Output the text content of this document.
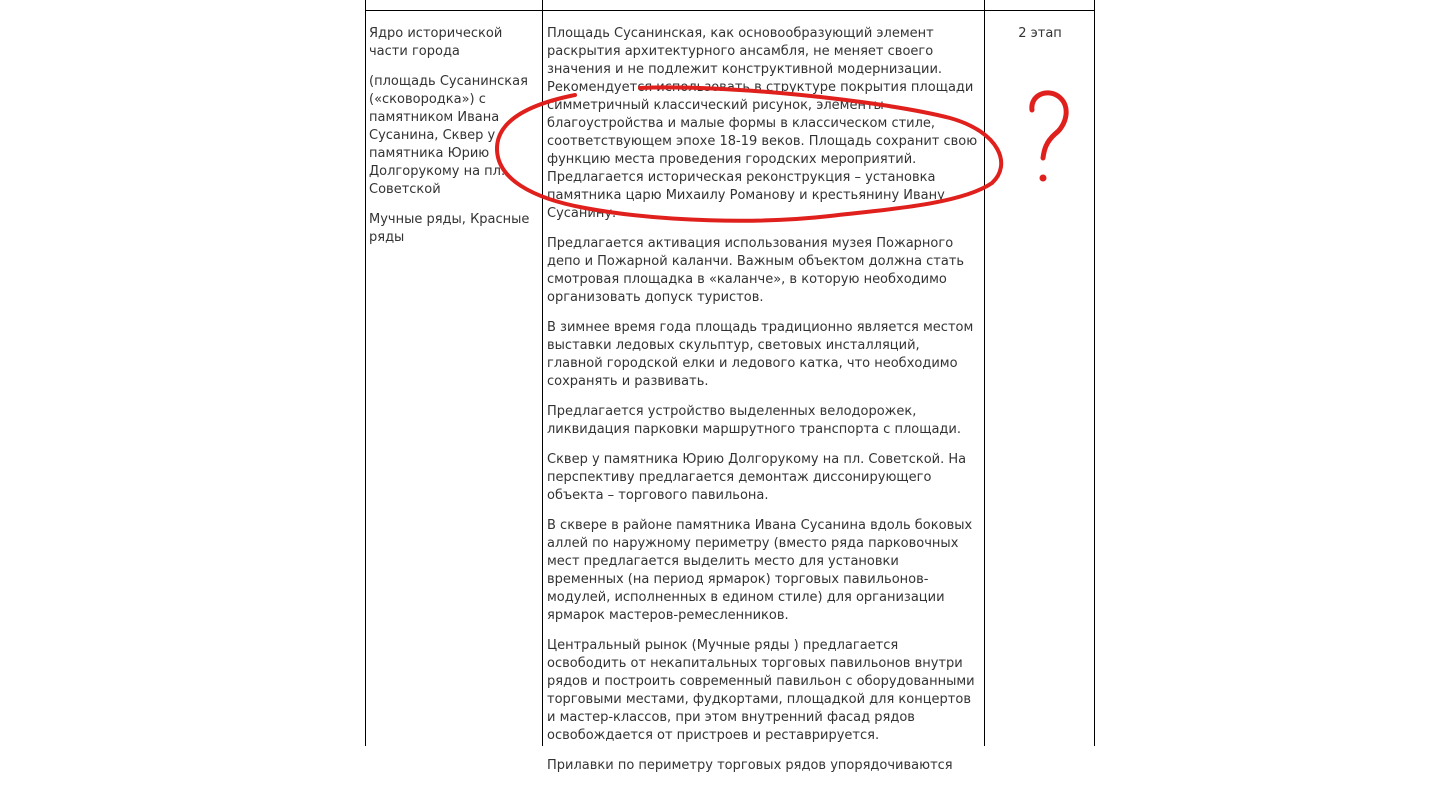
Ядро исторической части города

(площадь Сусанинская («сковородка») с памятником Ивана Сусанина, Сквер у памятника Юрию Долгорукому на пл. Советской

Мучные ряды, Красные ряды

Площадь Сусанинская, как основообразующий элемент раскрытия архитектурного ансамбля, не меняет своего значения и не подлежит конструктивной модернизации. Рекомендуется использовать в структуре покрытия площади симметричный классический рисунок, элементы благоустройства и малые формы в классическом стиле, соответствующем эпохе 18-19 веков. Площадь сохранит свою функцию места проведения городских мероприятий. Предлагается историческая реконструкция – установка памятника царю Михаилу Романову и крестьянину Ивану Сусанину.

Предлагается активация использования музея Пожарного депо и Пожарной каланчи. Важным объектом должна стать смотровая площадка в «каланче», в которую необходимо организовать допуск туристов.

В зимнее время года площадь традиционно является местом выставки ледовых скульптур, световых инсталляций, главной городской елки и ледового катка, что необходимо сохранять и развивать.

Предлагается устройство выделенных велодорожек, ликвидация парковки маршрутного транспорта с площади.

Сквер у памятника Юрию Долгорукому на пл. Советской. На перспективу предлагается демонтаж диссонирующего объекта – торгового павильона.

В сквере в районе памятника Ивана Сусанина вдоль боковых аллей по наружному периметру (вместо ряда парковочных мест предлагается выделить место для установки временных (на период ярмарок) торговых павильонов-модулей, исполненных в едином стиле) для организации ярмарок мастеров-ремесленников.

Центральный рынок (Мучные ряды ) предлагается освободить от некапитальных торговых павильонов внутри рядов и построить современный павильон с оборудованными торговыми местами, фудкортами, площадкой для концертов и мастер-классов, при этом внутренний фасад рядов освобождается от пристроев и реставрируется.

Прилавки по периметру торговых рядов упорядочиваются

2 этап
